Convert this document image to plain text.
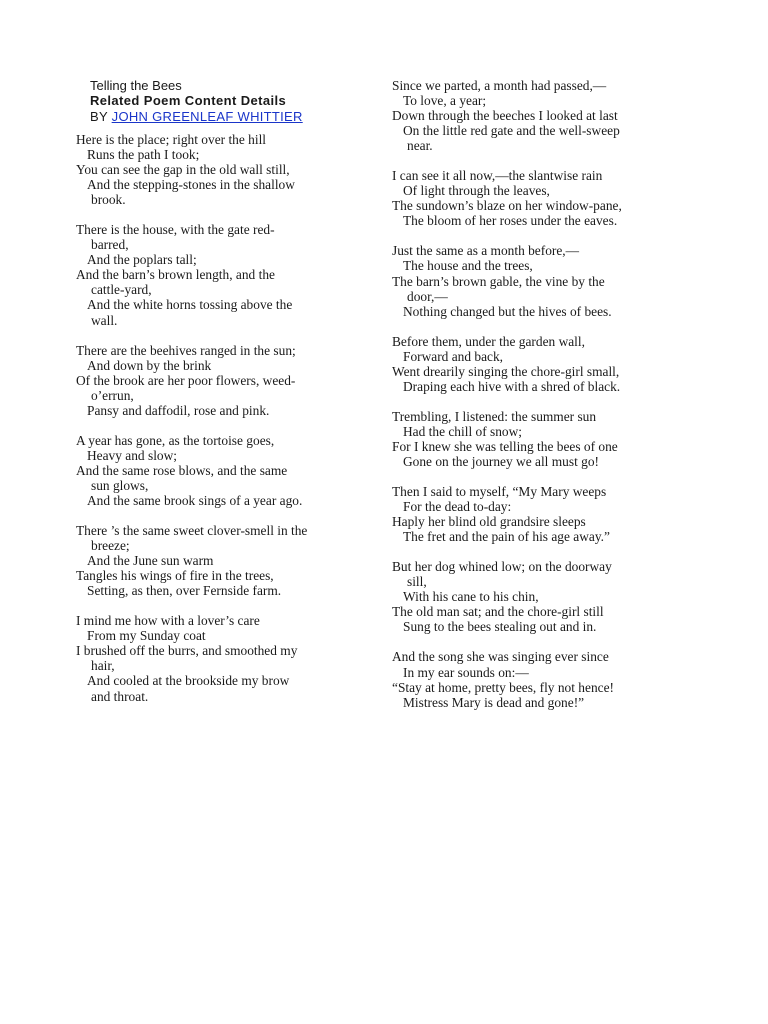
Telling the Bees
Related Poem Content Details
BY JOHN GREENLEAF WHITTIER
Here is the place; right over the hill
Runs the path I took;
You can see the gap in the old wall still,
And the stepping-stones in the shallow
brook.
There is the house, with the gate red-
barred,
And the poplars tall;
And the barn’s brown length, and the
cattle-yard,
And the white horns tossing above the
wall.
There are the beehives ranged in the sun;
And down by the brink
Of the brook are her poor flowers, weed-
o’errun,
Pansy and daffodil, rose and pink.
A year has gone, as the tortoise goes,
Heavy and slow;
And the same rose blows, and the same
sun glows,
And the same brook sings of a year ago.
There ’s the same sweet clover-smell in the
breeze;
And the June sun warm
Tangles his wings of fire in the trees,
Setting, as then, over Fernside farm.
I mind me how with a lover’s care
From my Sunday coat
I brushed off the burrs, and smoothed my
hair,
And cooled at the brookside my brow
and throat.
Since we parted, a month had passed,—
To love, a year;
Down through the beeches I looked at last
On the little red gate and the well-sweep
near.
I can see it all now,—the slantwise rain
Of light through the leaves,
The sundown’s blaze on her window-pane,
The bloom of her roses under the eaves.
Just the same as a month before,—
The house and the trees,
The barn’s brown gable, the vine by the
door,—
Nothing changed but the hives of bees.
Before them, under the garden wall,
Forward and back,
Went drearily singing the chore-girl small,
Draping each hive with a shred of black.
Trembling, I listened: the summer sun
Had the chill of snow;
For I knew she was telling the bees of one
Gone on the journey we all must go!
Then I said to myself, “My Mary weeps
For the dead to-day:
Haply her blind old grandsire sleeps
The fret and the pain of his age away.”
But her dog whined low; on the doorway
sill,
With his cane to his chin,
The old man sat; and the chore-girl still
Sung to the bees stealing out and in.
And the song she was singing ever since
In my ear sounds on:—
“Stay at home, pretty bees, fly not hence!
Mistress Mary is dead and gone!”
